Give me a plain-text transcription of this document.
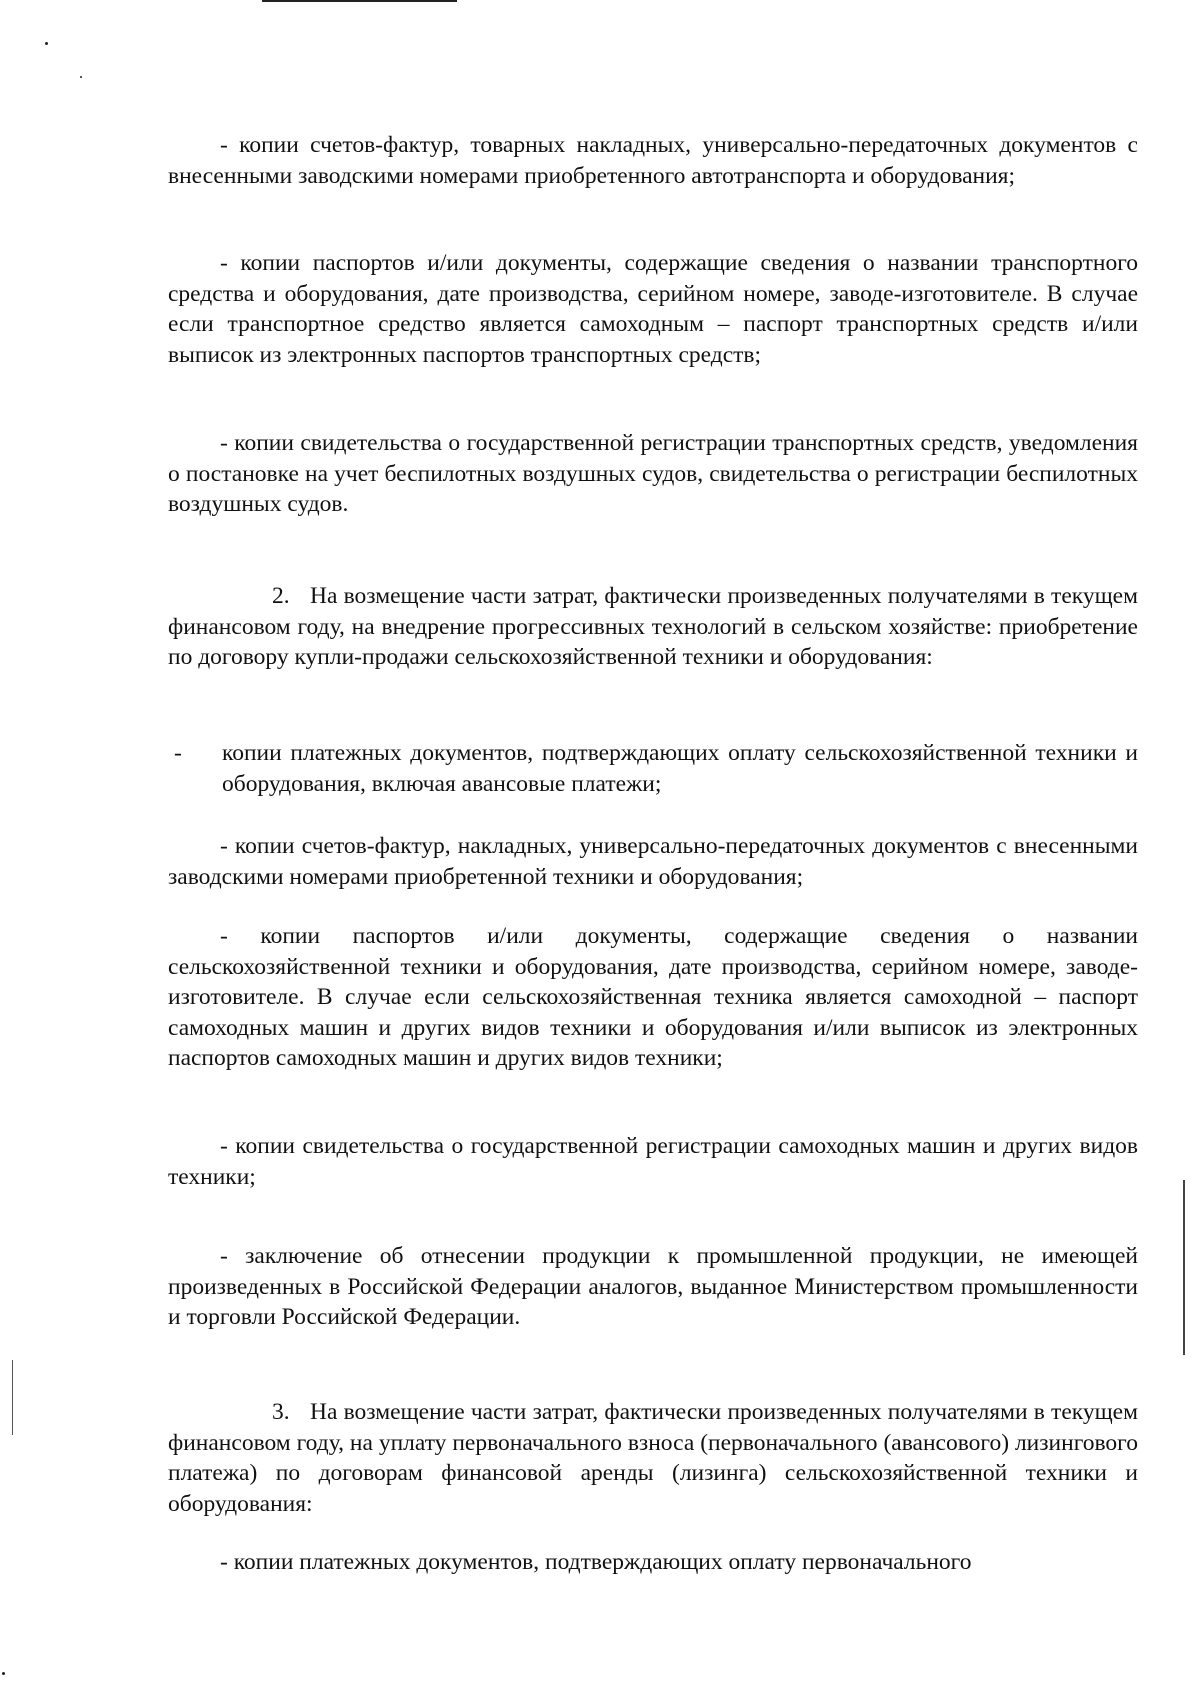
- копии счетов-фактур, товарных накладных, универсально-передаточных документов с внесенными заводскими номерами приобретенного автотранспорта и оборудования;

- копии паспортов и/или документы, содержащие сведения о названии транспортного средства и оборудования, дате производства, серийном номере, заводе-изготовителе. В случае если транспортное средство является самоходным – паспорт транспортных средств и/или выписок из электронных паспортов транспортных средств;

- копии свидетельства о государственной регистрации транспортных средств, уведомления о постановке на учет беспилотных воздушных судов, свидетельства о регистрации беспилотных воздушных судов.

2. На возмещение части затрат, фактически произведенных получателями в текущем финансовом году, на внедрение прогрессивных технологий в сельском хозяйстве: приобретение по договору купли-продажи сельскохозяйственной техники и оборудования:

- копии платежных документов, подтверждающих оплату сельскохозяйственной техники и оборудования, включая авансовые платежи;

- копии счетов-фактур, накладных, универсально-передаточных документов с внесенными заводскими номерами приобретенной техники и оборудования;

- копии паспортов и/или документы, содержащие сведения о названии сельскохозяйственной техники и оборудования, дате производства, серийном номере, заводе-изготовителе. В случае если сельскохозяйственная техника является самоходной – паспорт самоходных машин и других видов техники и оборудования и/или выписок из электронных паспортов самоходных машин и других видов техники;

- копии свидетельства о государственной регистрации самоходных машин и других видов техники;

- заключение об отнесении продукции к промышленной продукции, не имеющей произведенных в Российской Федерации аналогов, выданное Министерством промышленности и торговли Российской Федерации.

3. На возмещение части затрат, фактически произведенных получателями в текущем финансовом году, на уплату первоначального взноса (первоначального (авансового) лизингового платежа) по договорам финансовой аренды (лизинга) сельскохозяйственной техники и оборудования:

- копии платежных документов, подтверждающих оплату первоначального
